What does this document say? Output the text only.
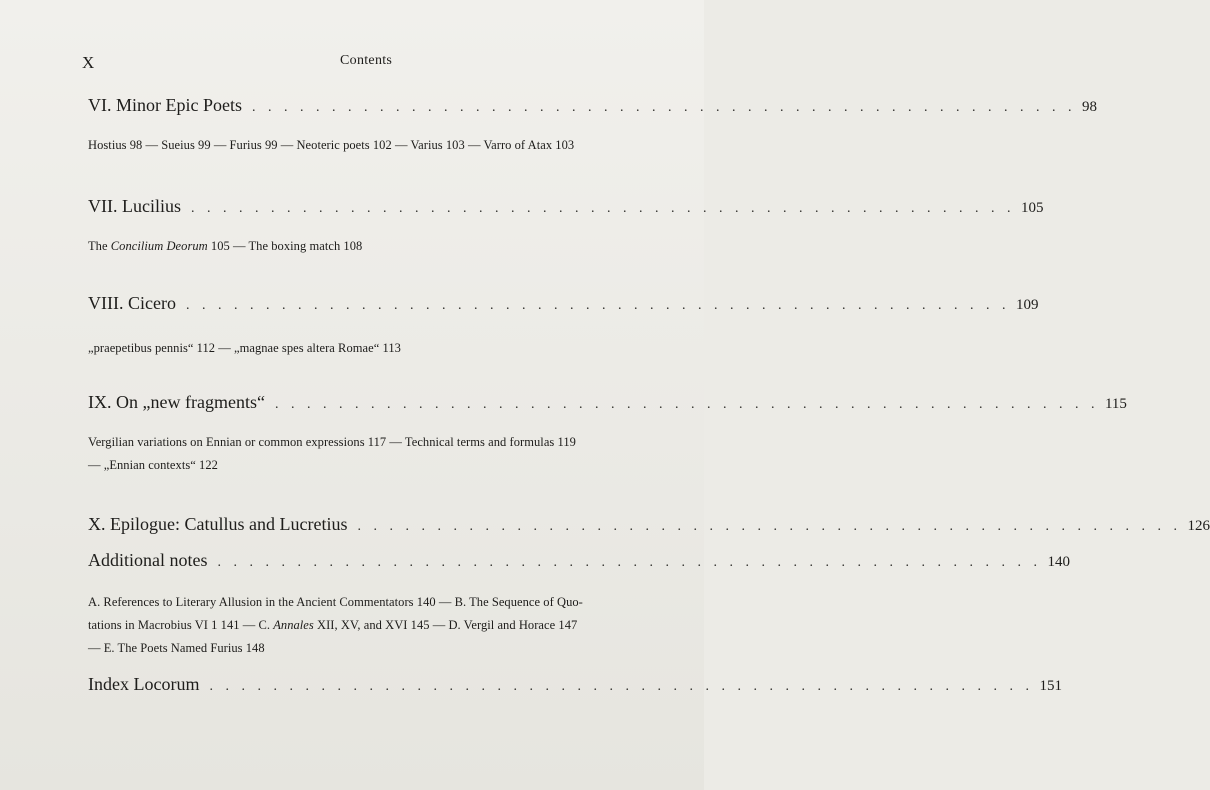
X	Contents
VI. Minor Epic Poets . . . . . . . . . . . . . . . . . . . . . . . . . . . . . . . . . . . . . . . . . . . . . . . . . . . . 98
Hostius 98 — Sueius 99 — Furius 99 — Neoteric poets 102 — Varius 103 — Varro of Atax 103
VII. Lucilius . . . . . . . . . . . . . . . . . . . . . . . . . . . . . . . . . . . . . . . . . . . . . . . . . . . . 105
The Concilium Deorum 105 — The boxing match 108
VIII. Cicero . . . . . . . . . . . . . . . . . . . . . . . . . . . . . . . . . . . . . . . . . . . . . . . . . . . . 109
„praepetibus pennis“ 112 — „magnae spes altera Romae“ 113
IX. On „new fragments“ . . . . . . . . . . . . . . . . . . . . . . . . . . . . . . . . . . . . . . . . . . . . . . . . . . . . 115
Vergilian variations on Ennian or common expressions 117 — Technical terms and formulas 119
— „Ennian contexts“ 122
X. Epilogue: Catullus and Lucretius . . . . . . . . . . . . . . . . . . . . . . . . . . . . . . . . . . . . . . . . . . . . . . . . . . . . 126
Additional notes . . . . . . . . . . . . . . . . . . . . . . . . . . . . . . . . . . . . . . . . . . . . . . . . . . . . 140
A. References to Literary Allusion in the Ancient Commentators 140 — B. The Sequence of Quo-
tations in Macrobius VI 1 141 — C. Annales XII, XV, and XVI 145 — D. Vergil and Horace 147
— E. The Poets Named Furius 148
Index Locorum . . . . . . . . . . . . . . . . . . . . . . . . . . . . . . . . . . . . . . . . . . . . . . . . . . . . 151
